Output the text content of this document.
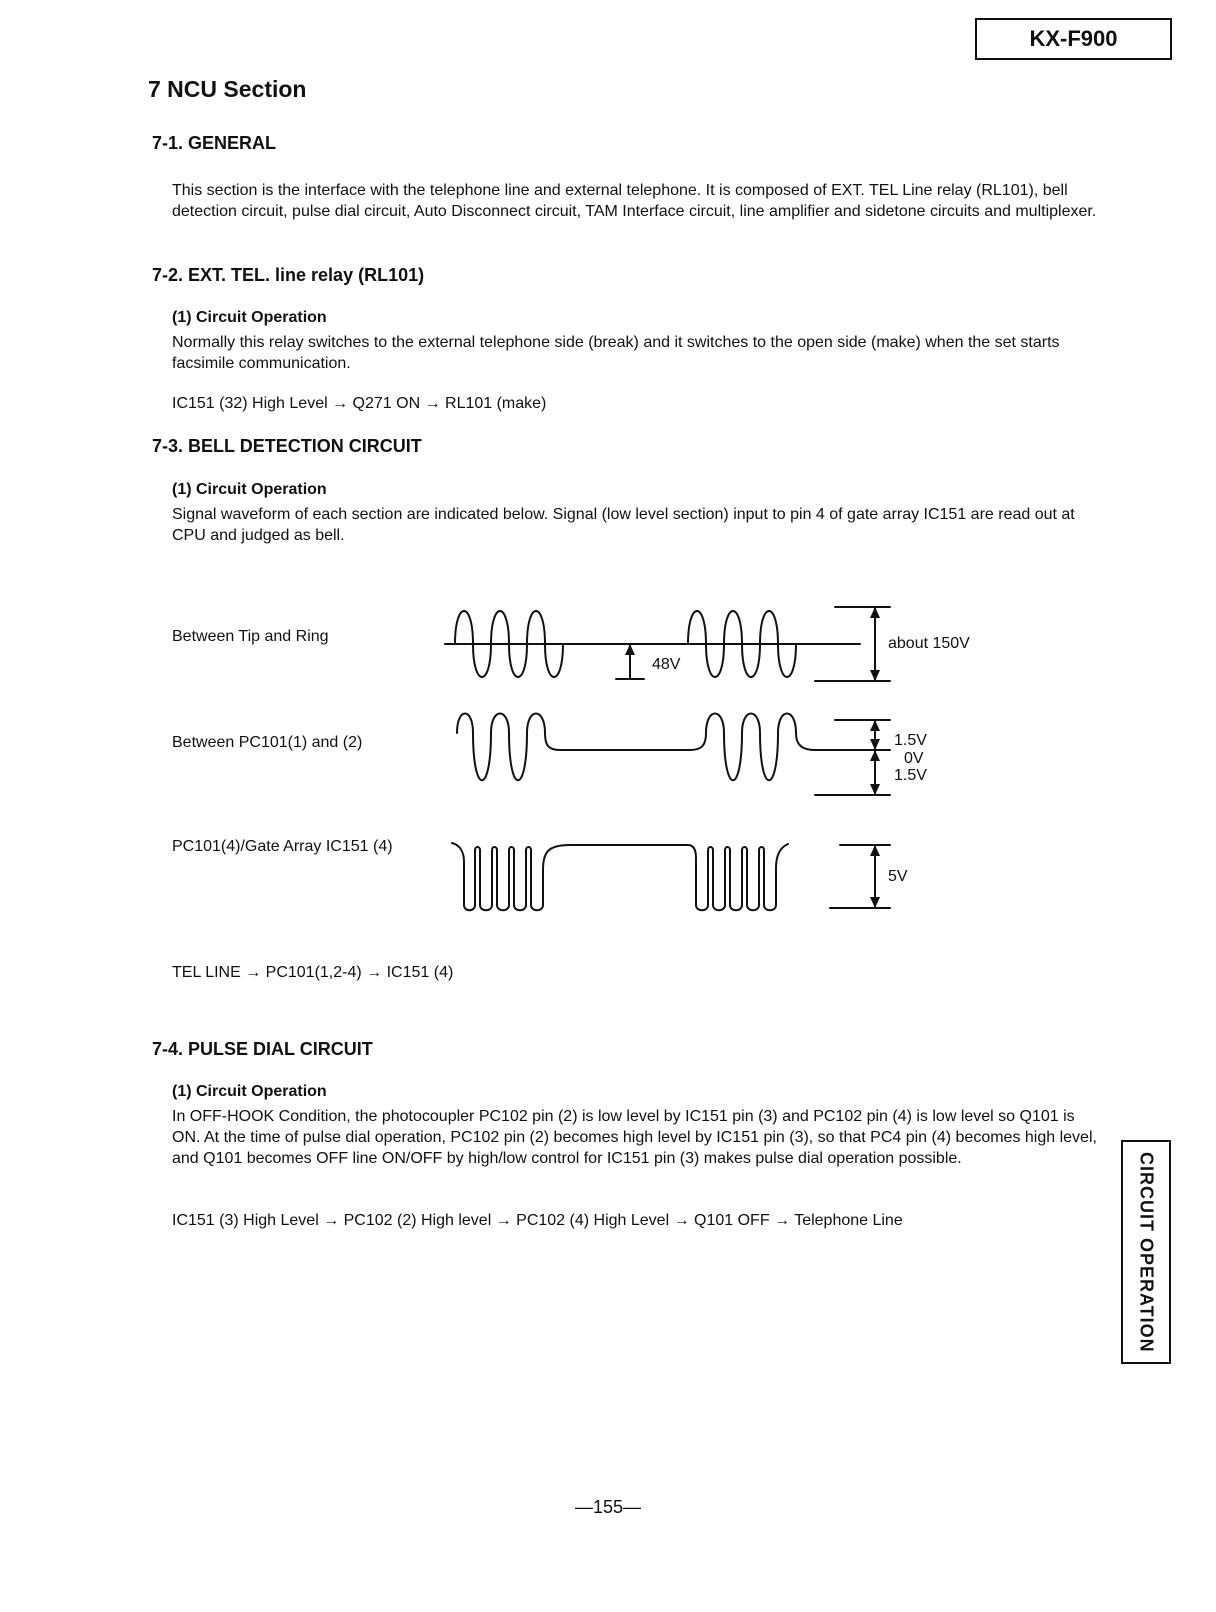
KX-F900
7 NCU Section
7-1. GENERAL

This section is the interface with the telephone line and external telephone. It is composed of EXT. TEL Line relay (RL101), bell detection circuit, pulse dial circuit, Auto Disconnect circuit, TAM Interface circuit, line amplifier and sidetone circuits and multiplexer.

7-2. EXT. TEL. line relay (RL101)
(1) Circuit Operation

Normally this relay switches to the external telephone side (break) and it switches to the open side (make) when the set starts facsimile communication.

IC151 (32) High Level → Q271 ON → RL101 (make)
7-3. BELL DETECTION CIRCUIT
(1) Circuit Operation

Signal waveform of each section are indicated below. Signal (low level section) input to pin 4 of gate array IC151 are read out at CPU and judged as bell.

Between Tip and Ring
Between PC101(1) and (2)
PC101(4)/Gate Array IC151 (4)
48V
about 150V
1.5V
0V
1.5V
5V
TEL LINE → PC101(1,2-4) → IC151 (4)
7-4. PULSE DIAL CIRCUIT
(1) Circuit Operation

In OFF-HOOK Condition, the photocoupler PC102 pin (2) is low level by IC151 pin (3) and PC102 pin (4) is low level so Q101 is ON. At the time of pulse dial operation, PC102 pin (2) becomes high level by IC151 pin (3), so that PC4 pin (4) becomes high level, and Q101 becomes OFF line ON/OFF by high/low control for IC151 pin (3) makes pulse dial operation possible.

IC151 (3) High Level → PC102 (2) High level → PC102 (4) High Level → Q101 OFF → Telephone Line	CIRCUIT OPERATION
—155—
